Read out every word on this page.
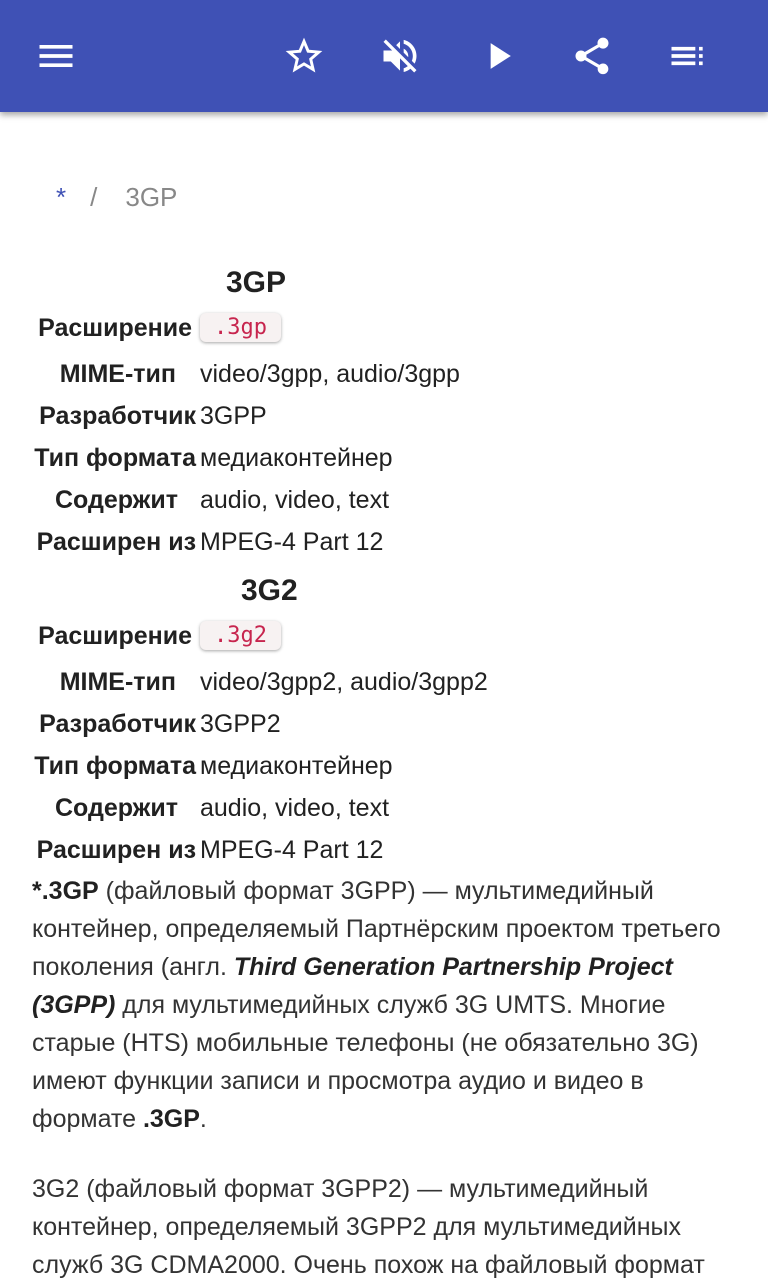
* / 3GP
3GP
Расширение	.3gp
MIME-тип video/3gpp, audio/3gpp
Разработчик 3GPP
Тип формата медиаконтейнер
Содержит audio, video, text
Расширен из MPEG-4 Part 12
3G2
Расширение	.3g2
MIME-тип video/3gpp2, audio/3gpp2
Разработчик 3GPP2
Тип формата медиаконтейнер
Содержит audio, video, text
Расширен из MPEG-4 Part 12
*.3GP (файловый формат 3GPP) — мультимедийный контейнер, определяемый Партнёрским проектом третьего поколения (англ. Third Generation Partnership Project (3GPP) для мультимедийных служб 3G UMTS. Многие старые (HTS) мобильные телефоны (не обязательно 3G) имеют функции записи и просмотра аудио и видео в формате .3GP.
3G2 (файловый формат 3GPP2) — мультимедийный контейнер, определяемый 3GPP2 для мультимедийных служб 3G CDMA2000. Очень похож на файловый формат
